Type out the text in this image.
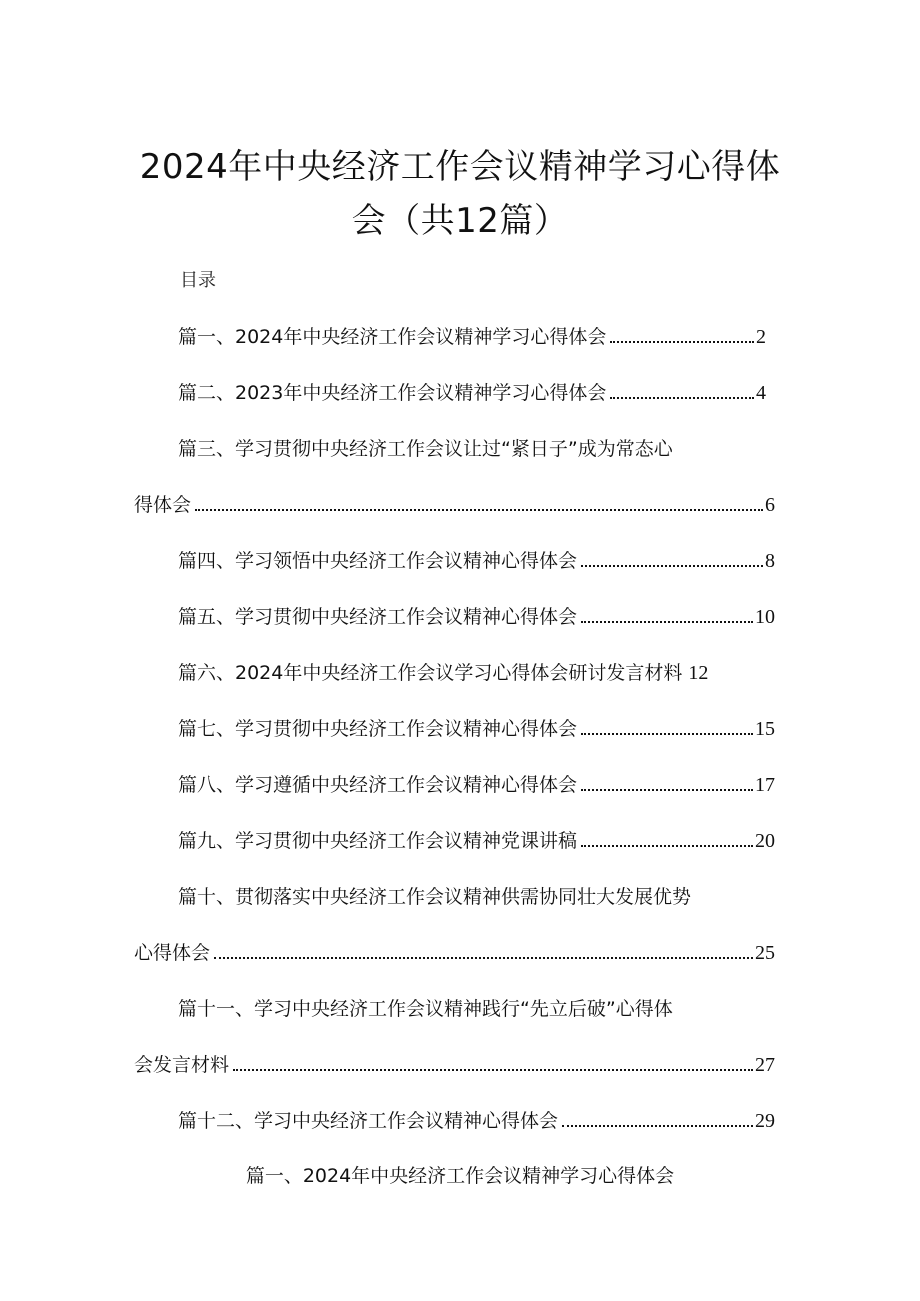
2024年中央经济工作会议精神学习心得体
会（共12篇）
目录
篇一、2024年中央经济工作会议精神学习心得体会	2
篇二、2023年中央经济工作会议精神学习心得体会	4
篇三、学习贯彻中央经济工作会议让过“紧日子”成为常态心
得体会	6
篇四、学习领悟中央经济工作会议精神心得体会	8
篇五、学习贯彻中央经济工作会议精神心得体会	10
篇六、2024年中央经济工作会议学习心得体会研讨发言材料 12
篇七、学习贯彻中央经济工作会议精神心得体会	15
篇八、学习遵循中央经济工作会议精神心得体会	17
篇九、学习贯彻中央经济工作会议精神党课讲稿	20
篇十、贯彻落实中央经济工作会议精神供需协同壮大发展优势
心得体会	25
篇十一、学习中央经济工作会议精神践行“先立后破”心得体
会发言材料	27
篇十二、学习中央经济工作会议精神心得体会	29
篇一、2024年中央经济工作会议精神学习心得体会
